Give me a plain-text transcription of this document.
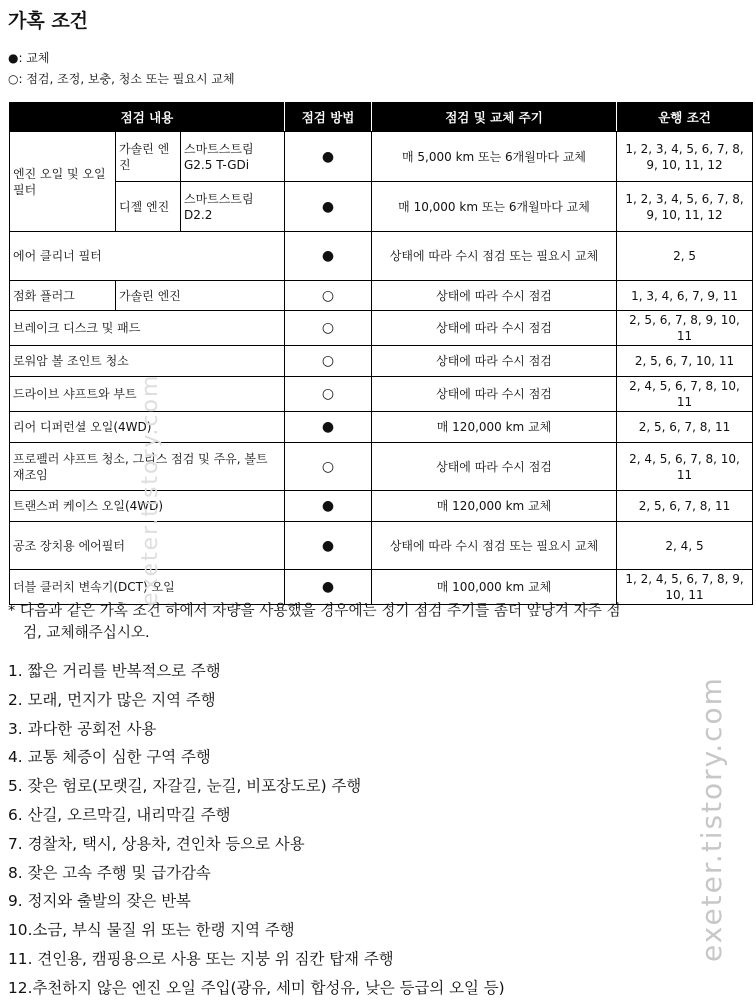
가혹 조건
●: 교체
○: 점검, 조정, 보충, 청소 또는 필요시 교체
점검 내용			점검 방법	점검 및 교체 주기	운행 조건
엔진 오일 및 오일필터	가솔린 엔진	스마트스트림 G2.5 T-GDi	●	매 5,000 km 또는 6개월마다 교체	1, 2, 3, 4, 5, 6, 7, 8, 9, 10, 11, 12
	디젤 엔진	스마트스트림 D2.2	●	매 10,000 km 또는 6개월마다 교체	1, 2, 3, 4, 5, 6, 7, 8, 9, 10, 11, 12
에어 클리너 필터			●	상태에 따라 수시 점검 또는 필요시 교체	2, 5
점화 플러그	가솔린 엔진		○	상태에 따라 수시 점검	1, 3, 4, 6, 7, 9, 11
브레이크 디스크 및 패드			○	상태에 따라 수시 점검	2, 5, 6, 7, 8, 9, 10, 11
로워암 볼 조인트 청소			○	상태에 따라 수시 점검	2, 5, 6, 7, 10, 11
드라이브 샤프트와 부트			○	상태에 따라 수시 점검	2, 4, 5, 6, 7, 8, 10, 11
리어 디퍼런셜 오일(4WD)			●	매 120,000 km 교체	2, 5, 6, 7, 8, 11
프로펠러 샤프트 청소, 그리스 점검 및 주유, 볼트 재조임			○	상태에 따라 수시 점검	2, 4, 5, 6, 7, 8, 10, 11
트랜스퍼 케이스 오일(4WD)			●	매 120,000 km 교체	2, 5, 6, 7, 8, 11
공조 장치용 에어필터			●	상태에 따라 수시 점검 또는 필요시 교체	2, 4, 5
더블 클러치 변속기(DCT) 오일			●	매 100,000 km 교체	1, 2, 4, 5, 6, 7, 8, 9, 10, 11
* 다음과 같은 가혹 조건 하에서 차량을 사용했을 경우에는 정기 점검 주기를 좀더 앞당겨 자주 점
검, 교체해주십시오.
1. 짧은 거리를 반복적으로 주행
2. 모래, 먼지가 많은 지역 주행
3. 과다한 공회전 사용
4. 교통 체증이 심한 구역 주행
5. 잦은 험로(모랫길, 자갈길, 눈길, 비포장도로) 주행
6. 산길, 오르막길, 내리막길 주행
7. 경찰차, 택시, 상용차, 견인차 등으로 사용
8. 잦은 고속 주행 및 급가감속
9. 정지와 출발의 잦은 반복
10.소금, 부식 물질 위 또는 한랭 지역 주행
11. 견인용, 캠핑용으로 사용 또는 지붕 위 짐칸 탑재 주행
12.추천하지 않은 엔진 오일 주입(광유, 세미 합성유, 낮은 등급의 오일 등)
exeter.tistory.com
exeter.tistory.com
